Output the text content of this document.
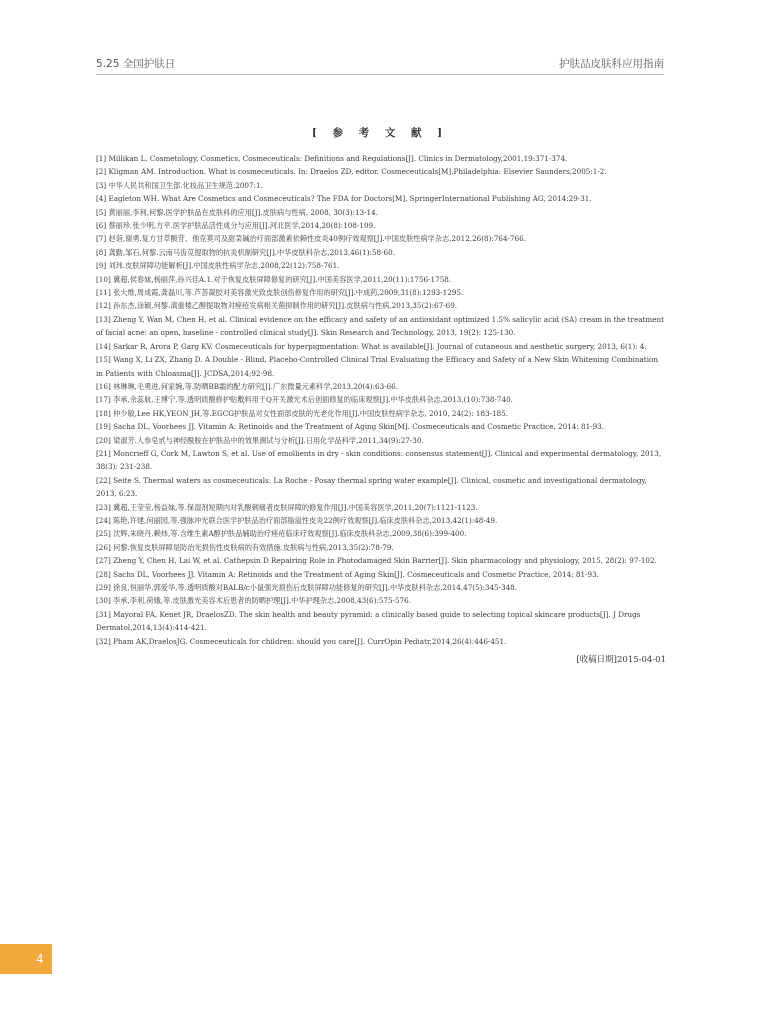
5.25 全国护肤日	护肤品皮肤科应用指南
[ 参 考 文 献 ]
[1] Millikan L. Cosmetology, Cosmetics, Cosmeceuticals: Definitions and Regulations[J]. Clinics in Dermatology,2001,19:371-374.
[2] Kligman AM. Introduction. What is cosmeceuticals. In: Draelos ZD, editor. Cosmeceuticals[M].Philadelphia: Elsevier Saunders,2005:1-2.
[3] 中华人民共和国卫生部.化妆品卫生规范.2007:1.
[4] Eagleton WH. What Are Cosmetics and Cosmeceuticals? The FDA for Doctors[M]. SpringerInternational Publishing AG, 2014:29-31.
[5] 黄丽丽,李利,何黎.医学护肤品在皮肤科的应用[J].皮肤病与性病, 2008, 30(3):13-14.
[6] 蔡丽珍,张少明,方平.医学护肤品活性成分与应用[J].河北医学,2014,20(8):108-109.
[7] 赵诣,谢勇.复方甘草酸苷、他克莫司及甜菜碱治疗面部激素依赖性皮炎40例疗效观察[J].中国皮肤性病学杂志,2012,26(8):764-766.
[8] 龚勤,邹石,何黎.云南马齿苋提取物的抗炎机制研究[J].中华皮肤科杂志,2013,46(1):58-60.
[9] 刘玮.皮肤屏障功能解析[J].中国皮肤性病学杂志,2008,22(12):758-761.
[10] 冀超,侯春妹,杨丽萍,孙兴佳A.1.对于恢复皮肤屏障修复的研究[J].中国美容医学,2011,20(11):1756-1758.
[11] 张大维,周成霞,龚磊川,等.芦荟凝胶对美容激光致皮肤创伤修复作用的研究[J].中成药,2009,31(8):1293-1295.
[12] 孙东杰,涂颖,何黎.滇重楼乙醇提取物对痤疮发病相关菌抑制作用的研究[J].皮肤病与性病,2013,35(2):67-69.
[13] Zheng Y, Wan M, Chen H, et al. Clinical evidence on the efficacy and safety of an antioxidant optimized 1.5% salicylic acid (SA) cream in the treatment of facial acne: an open, baseline - controlled clinical study[J]. Skin Research and Technology, 2013, 19(2): 125-130.
[14] Sarkar R, Arora P, Garg KV. Cosmeceuticals for hyperpigmentation: What is available[J]. Journal of cutaneous and aesthetic surgery, 2013, 6(1): 4.
[15] Wang X, Li ZX, Zhang D. A Double - Blind, Placebo-Controlled Clinical Trial Evaluating the Efficacy and Safety of a New Skin Whitening Combination in Patients with Chloasma[J]. JCDSA,2014;92-98.
[16] 林琳琳,毛勇进,何家婉,等.防晒BB霜的配方研究[J].广东微量元素科学,2013,20(4):63-66.
[17] 李承,余蕊航,王博宁,等.透明质酸修护贴敷料用于Q开关激光术后创面修复的临床观察[J].中华皮肤科杂志,2013,(10):738-740.
[18] 仲少敏,Lee HK,YEON JH,等.EGCG护肤品对女性面部皮肤的光老化作用[J].中国皮肤性病学杂志, 2010, 24(2): 183-185.
[19] Sacha DL, Voorhees JJ. Vitamin A: Retinoids and the Treatment of Aging Skin[M]. Cosmeceuticals and Cosmetic Practice, 2014: 81-93.
[20] 梁淑芳.人参皂甙与神经酰胺在护肤品中的效果测试与分析[J].日用化学品科学,2011,34(9):27-30.
[21] Moncrieff G, Cork M, Lawton S, et al. Use of emollients in dry - skin conditions: consensus statement[J]. Clinical and experimental dermatology, 2013, 38(3): 231-238.
[22] Seite S. Thermal waters as cosmeceuticals: La Roche - Posay thermal spring water example[J]. Clinical, cosmetic and investigational dermatology, 2013, 6:23.
[23] 冀超,王莹莹,杨益妹,等.保湿剂短期内对乳酸刺痛者皮肤屏障的修复作用[J].中国美容医学,2011,20(7):1121-1123.
[24] 陈艳,许建,何丽园,等.强脉冲光联合医学护肤品治疗面部脂溢性皮炎22例疗效观察[J].临床皮肤科杂志,2013,42(1):48-49.
[25] 沈辉,朱晓丹,赖炜,等.含维生素A醇护肤品辅助治疗痤疮临床疗效观察[J].临床皮肤科杂志,2009,38(6):399-400.
[26] 何黎.恢复皮肤屏障是防治光损伤性皮肤病的有效措施.皮肤病与性病,2013,35(2):78-79.
[27] Zheng Y, Chen H, Lai W, et al. Cathepsin D Repairing Role in Photodamaged Skin Barrier[J]. Skin pharmacology and physiology, 2015, 28(2): 97-102.
[28] Sachs DL, Voorhees JJ. Vitamin A: Retinoids and the Treatment of Aging Skin[J]. Cosmeceuticals and Cosmetic Practice, 2014: 81-93.
[29] 徐良,恒丽华,郭爱华,等.透明质酸对BALB/c小鼠强光损伤后皮肤屏障功能修复的研究[J].中华皮肤科杂志,2014,47(5):345-348.
[30] 李承,李利,荷娥,等.皮肤激光美容术后患者的防晒护理[J].中华护理杂志,2008,43(6):575-576.
[31] Mayoral FA, Kenet JR, DraelosZD. The skin health and beauty pyramid: a clinically based guide to selecting topical skincare products[J]. J Drugs Dermatol,2014,13(4):414-421.
[32] Pham AK,DraelosJG. Cosmeceuticals for children: should you care[J]. CurrOpin Pediatr,2014,26(4):446-451.
[收稿日期]2015-04-01
4
